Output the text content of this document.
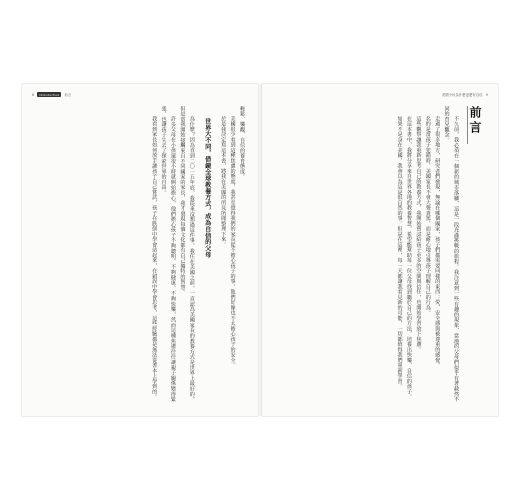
8	Introduction	前言

輕鬆、樂觀、自信的養育態度。

美國很少看到這種焦慮的態度，我甚至覺得我們的家長從不擔心孩子的事，他們好像也不太擔心孩子的安全。

於是我決定寫這本書，將我在美國的所見所聞整理下來。

世界大不同，借鏡全球教養方式，成為自信的父母

為什麼？因為直到二〇一五年底，我從來沒想過這件事。我住在美國之前，一直認為美國家長的教養方式是世界上最好的，但是當我開始接觸來自不同國家的家長，我才發現每個文化都有自己獨特的智慧。

許多父母在小孩還很小時就開始擔心，他們擔心孩子不夠聰明、不夠健康、不夠快樂，然而這種焦慮往往讓親子關係變得緊張，也讓孩子失去了探索世界的自由。

我看到家長如何放手讓孩子自己嘗試，孩子在跌倒中學會站起來，在錯誤中學會思考，這些經驗都是無法從書本上學到的。

美國小孩為什麼這麼有自信 9
前言

不久前，我必須在一個新的城市落腳，這是一段充滿挑戰的旅程。我注意到一些有趣的現象，當地的父母們似乎有著截然不同的育兒觀念。

走過了很多地方，研究者們發現，無論在哪個國家，孩子們都需要同樣的東西：愛、安全感與被尊重的感覺。

名的是當孩子犯錯時，美國家長不會大聲責罵，而是耐心地引導孩子理解自己的行為。

這些觀察讓我重新思考自己的教養方式，我開始嘗試給孩子更多的空間與信任，也開始學習放下焦慮。

在這本書中，我將分享來自世界各地的教養智慧，希望能幫助每一位父母找到屬於自己的方法，培養出快樂、自信的孩子。

如果不是身在美國，我會以為這是很自然的事。但是在這裡，每一天都讓我看見新的可能，一切都值得我們重新學習。
